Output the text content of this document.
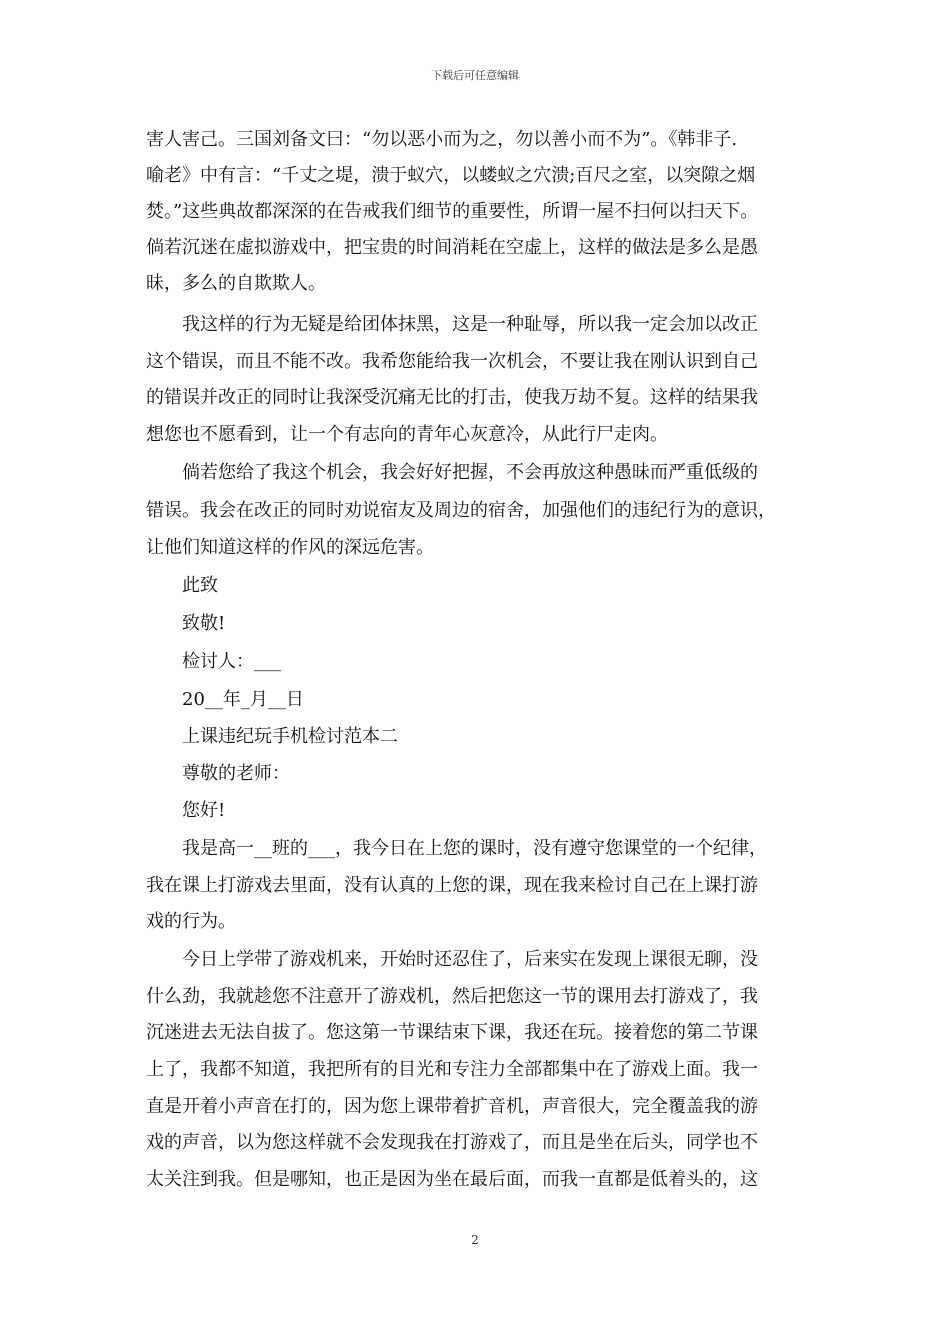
下载后可任意编辑
害人害己。三国刘备文曰：“勿以恶小而为之，勿以善小而不为”。《韩非子.
喻老》中有言：“千丈之堤，溃于蚁穴，以蝼蚁之穴溃;百尺之室，以突隙之烟
焚。”这些典故都深深的在告戒我们细节的重要性，所谓一屋不扫何以扫天下。
倘若沉迷在虚拟游戏中，把宝贵的时间消耗在空虚上，这样的做法是多么是愚
昧，多么的自欺欺人。
我这样的行为无疑是给团体抹黑，这是一种耻辱，所以我一定会加以改正
这个错误，而且不能不改。我希您能给我一次机会，不要让我在刚认识到自己
的错误并改正的同时让我深受沉痛无比的打击，使我万劫不复。这样的结果我
想您也不愿看到，让一个有志向的青年心灰意冷，从此行尸走肉。
倘若您给了我这个机会，我会好好把握，不会再放这种愚昧而严重低级的
错误。我会在改正的同时劝说宿友及周边的宿舍，加强他们的违纪行为的意识，
让他们知道这样的作风的深远危害。
此致
致敬!
检讨人：___
20__年_月__日
上课违纪玩手机检讨范本二
尊敬的老师：
您好!
我是高一__班的___，我今日在上您的课时，没有遵守您课堂的一个纪律，
我在课上打游戏去里面，没有认真的上您的课，现在我来检讨自己在上课打游
戏的行为。
今日上学带了游戏机来，开始时还忍住了，后来实在发现上课很无聊，没
什么劲，我就趁您不注意开了游戏机，然后把您这一节的课用去打游戏了，我
沉迷进去无法自拔了。您这第一节课结束下课，我还在玩。接着您的第二节课
上了，我都不知道，我把所有的目光和专注力全部都集中在了游戏上面。我一
直是开着小声音在打的，因为您上课带着扩音机，声音很大，完全覆盖我的游
戏的声音，以为您这样就不会发现我在打游戏了，而且是坐在后头，同学也不
太关注到我。但是哪知，也正是因为坐在最后面，而我一直都是低着头的，这
2
